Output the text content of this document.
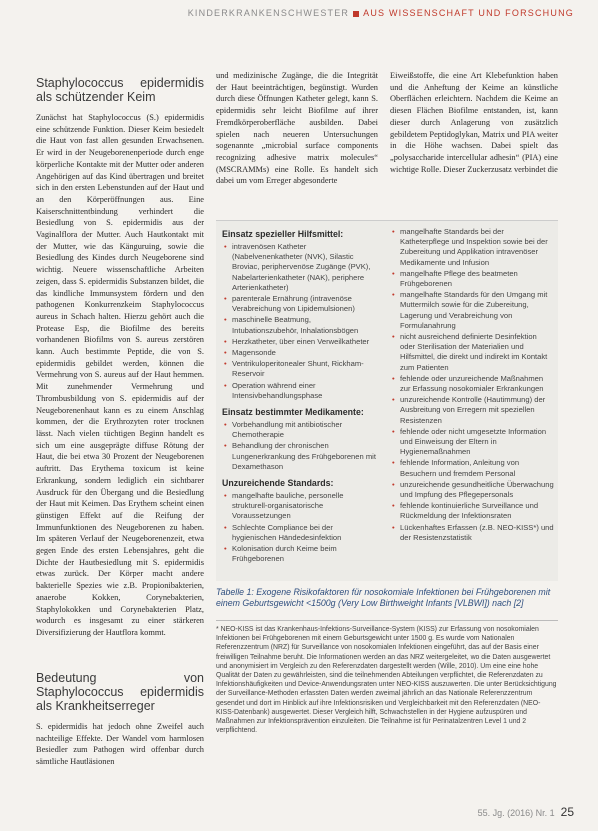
KINDERKRANKENSCHWESTER AUS WISSENSCHAFT UND FORSCHUNG
Staphylococcus epidermidis als schützender Keim

Zunächst hat Staphylococcus (S.) epidermidis eine schützende Funktion. Dieser Keim besiedelt die Haut von fast allen gesunden Erwachsenen. Er wird in der Neugeborenenperiode durch enge körperliche Kontakte mit der Mutter oder anderen Angehörigen auf das Kind übertragen und breitet sich in den ersten Lebenstunden auf der Haut und an den Körperöffnungen aus. Eine Kaiserschnittentbindung verhindert die Besiedlung von S. epidermidis aus der Vaginalflora der Mutter. Auch Hautkontakt mit der Mutter, wie das Känguruing, sowie die Besiedlung des Kindes durch Neugeborene sind wichtig. Neuere wissenschaftliche Arbeiten zeigen, dass S. epidermidis Substanzen bildet, die das kindliche Immunsystem fördern und den pathogenen Konkurrenzkeim Staphylococcus aureus in Schach halten. Hierzu gehört auch die Protease Esp, die Biofilme des bereits vorhandenen Biofilms von S. aureus zerstören kann. Auch bestimmte Peptide, die von S. epidermidis gebildet werden, können die Vermehrung von S. aureus auf der Haut hemmen. Mit zunehmender Vermehrung und Thrombusbildung von S. epidermidis auf der Neugeborenenhaut kann es zu einem Anschlag kommen, der die Erythrozyten roter trocknen lässt. Nach vielen tüchtigen Beginn handelt es sich um eine ausgeprägte diffuse Rötung der Haut, die bei etwa 30 Prozent der Neugeborenen auftritt. Das Erythema toxicum ist keine Erkrankung, sondern lediglich ein sichtbarer Ausdruck für den Übergang und die Besiedlung der Haut mit Keimen. Das Erythem scheint einen günstigen Effekt auf die Reifung der Immunfunktionen des Neugeborenen zu haben. Im späteren Verlauf der Neugeborenenzeit, etwa gegen Ende des ersten Lebensjahres, geht die Dichte der Hautbesiedlung mit S. epidermidis etwas zurück. Der Körper macht andere bakterielle Spezies wie z.B. Propionibakterien, anaerobe Kokken, Corynebakterien, Staphylokokken und Corynebakterien Platz, wodurch es insgesamt zu einer stärkeren Diversifizierung der Hautflora kommt.

und medizinische Zugänge, die die Integrität der Haut beeinträchtigen, begünstigt. Wurden durch diese Öffnungen Katheter gelegt, kann S. epidermidis sehr leicht Biofilme auf ihrer Fremdkörperoberfläche ausbilden. Dabei spielen nach neueren Untersuchungen sogenannte „microbial surface components recognizing adhesive matrix molecules“ (MSCRAMMs) eine Rolle. Es handelt sich dabei um vom Erreger abgesonderte

Eiweißstoffe, die eine Art Klebefunktion haben und die Anheftung der Keime an künstliche Oberflächen erleichtern. Nachdem die Keime an diesen Flächen Biofilme entstanden, ist, kann dieser durch Anlagerung von zusätzlich gebildetem Peptidoglykan, Matrix und PIA weiter in die Höhe wachsen. Dabei spielt das „polysaccharide intercellular adhesin“ (PIA) eine wichtige Rolle. Dieser Zuckerzusatz verbindet die

Einsatz spezieller Hilfsmittel:
• intravenösen Katheter (Nabelvenenkatheter (NVK), Silastic Broviac, periphervenöse Zugänge (PVK), Nabelarterienkatheter (NAK), periphere Arterienkatheter)
• parenterale Ernährung (intravenöse Verabreichung von Lipidemulsionen)
• maschinelle Beatmung, Intubationszubehör, Inhalationsbögen
• Herzkatheter, über einen Verweilkatheter
• Magensonde
• Ventrikuloperitonealer Shunt, Rickham-Reservoir
• Operation während einer Intensivbehandlungsphase
Einsatz bestimmter Medikamente:
• Vorbehandlung mit antibiotischer Chemotherapie
• Behandlung der chronischen Lungenerkrankung des Frühgeborenen mit Dexamethason
Unzureichende Standards:
• mangelhafte bauliche, personelle strukturell-organisatorische Voraussetzungen
• Schlechte Compliance bei der hygienischen Händedesinfektion
• Kolonisation durch Keime beim Frühgeborenen
• mangelhafte Standards bei der Katheterpflege und Inspektion sowie bei der Zubereitung und Applikation intravenöser Medikamente und Infusion
• mangelhafte Pflege des beatmeten Frühgeborenen
• mangelhafte Standards für den Umgang mit Muttermilch sowie für die Zubereitung, Lagerung und Verabreichung von Formulanahrung
• nicht ausreichend definierte Desinfektion oder Sterilisation der Materialien und Hilfsmittel, die direkt und indirekt im Kontakt zum Patienten
• fehlende oder unzureichende Maßnahmen zur Erfassung nosokomialer Erkrankungen
• unzureichende Kontrolle (Hautimmung) der Ausbreitung von Erregern mit speziellen Resistenzen
• fehlende oder nicht umgesetzte Information und Einweisung der Eltern in Hygienemaßnahmen
• fehlende Information, Anleitung von Besuchern und fremdem Personal
• unzureichende gesundheitliche Überwachung und Impfung des Pflegepersonals
• fehlende kontinuierliche Surveillance und Rückmeldung der Infektionsraten
• Lückenhaftes Erfassen (z.B. NEO-KISS*) und der Resistenzstatistik
Tabelle 1: Exogene Risikofaktoren für nosokomiale Infektionen bei Frühgeborenen mit einem Geburtsgewicht <1500g (Very Low Birthweight Infants [VLBWI]) nach [2]
* NEO-KISS ist das Krankenhaus-Infektions-Surveillance-System (KISS) zur Erfassung von nosokomialen Infektionen bei Frühgeborenen mit einem Geburtsgewicht unter 1500 g. Es wurde vom Nationalen Referenzzentrum (NRZ) für Surveillance von nosokomialen Infektionen eingeführt, das auf der Basis einer freiwilligen Teilnahme beruht. Die Informationen werden an das NRZ weitergeleitet, wo die Daten ausgewertet und anonymisiert im Vergleich zu den Referenzdaten dargestellt werden (Wille, 2010). Um eine eine hohe Qualität der Daten zu gewährleisten, sind die teilnehmenden Abteilungen verpflichtet, die Referenzdaten zu Infektionshäufigkeiten und Device-Anwendungsraten unter NEO-KISS auszuwerten. Die unter Berücksichtigung der Surveillance-Methoden erfassten Daten werden zweimal jährlich an das Nationale Referenzzentrum gesendet und dort im Hinblick auf ihre Infektionsrisiken und Vergleichbarkeit mit den Referenzdaten (NEO-KISS-Datenbank) ausgewertet. Dieser Vergleich hilft, Schwachstellen in der Hygiene aufzuspüren und Maßnahmen zur Infektionsprävention einzuleiten. Die Teilnahme ist für Perinatalzentren Level 1 und 2 verpflichtend.
Bedeutung von Staphylococcus epidermidis als Krankheitserreger

S. epidermidis hat jedoch ohne Zweifel auch nachteilige Effekte. Der Wandel vom harmlosen Besiedler zum Pathogen wird offenbar durch sämtliche Hautläsionen

55. Jg. (2016) Nr. 1 25
